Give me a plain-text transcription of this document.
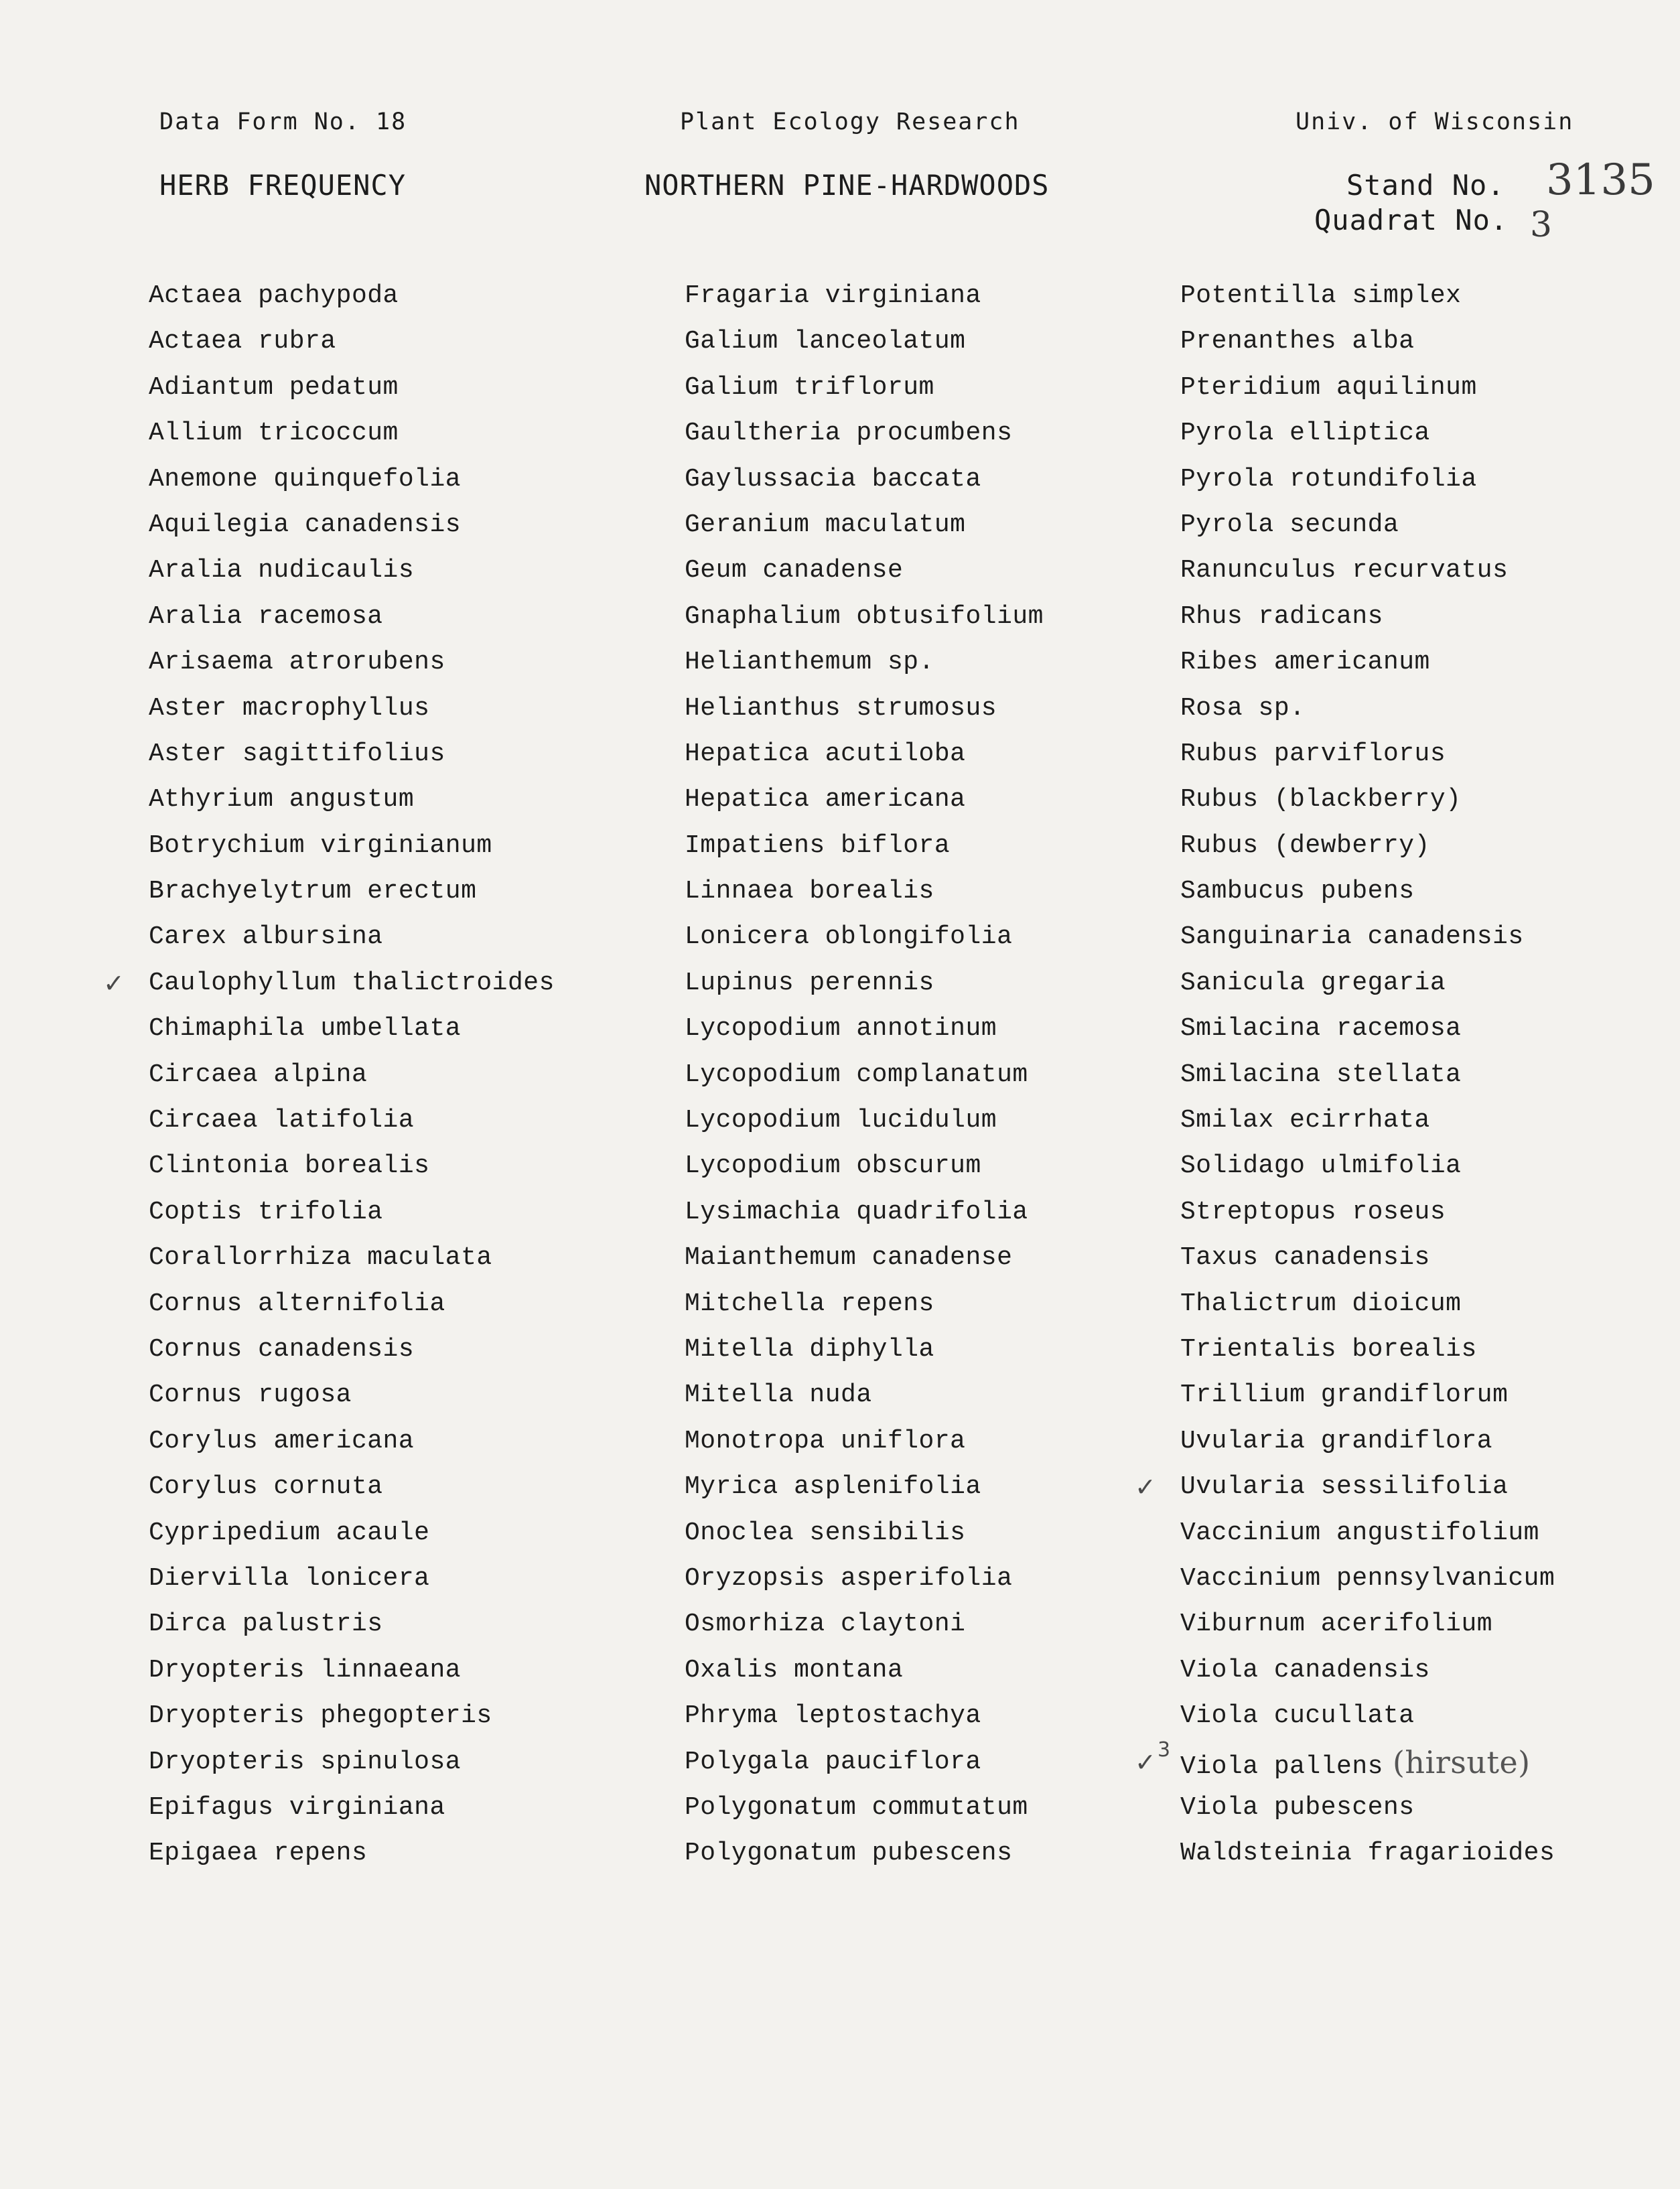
Data Form No. 18	Plant Ecology Research	Univ. of Wisconsin
HERB FREQUENCY	NORTHERN PINE-HARDWOODS	Stand No. 3135
Quadrat No. 3
Actaea pachypoda
Actaea rubra
Adiantum pedatum
Allium tricoccum
Anemone quinquefolia
Aquilegia canadensis
Aralia nudicaulis
Aralia racemosa
Arisaema atrorubens
Aster macrophyllus
Aster sagittifolius
Athyrium angustum
Botrychium virginianum
Brachyelytrum erectum
Carex albursina
✓ Caulophyllum thalictroides
Chimaphila umbellata
Circaea alpina
Circaea latifolia
Clintonia borealis
Coptis trifolia
Corallorrhiza maculata
Cornus alternifolia
Cornus canadensis
Cornus rugosa
Corylus americana
Corylus cornuta
Cypripedium acaule
Diervilla lonicera
Dirca palustris
Dryopteris linnaeana
Dryopteris phegopteris
Dryopteris spinulosa
Epifagus virginiana
Epigaea repens
Fragaria virginiana
Galium lanceolatum
Galium triflorum
Gaultheria procumbens
Gaylussacia baccata
Geranium maculatum
Geum canadense
Gnaphalium obtusifolium
Helianthemum sp.
Helianthus strumosus
Hepatica acutiloba
Hepatica americana
Impatiens biflora
Linnaea borealis
Lonicera oblongifolia
Lupinus perennis
Lycopodium annotinum
Lycopodium complanatum
Lycopodium lucidulum
Lycopodium obscurum
Lysimachia quadrifolia
Maianthemum canadense
Mitchella repens
Mitella diphylla
Mitella nuda
Monotropa uniflora
Myrica asplenifolia
Onoclea sensibilis
Oryzopsis asperifolia
Osmorhiza claytoni
Oxalis montana
Phryma leptostachya
Polygala pauciflora
Polygonatum commutatum
Polygonatum pubescens
Potentilla simplex
Prenanthes alba
Pteridium aquilinum
Pyrola elliptica
Pyrola rotundifolia
Pyrola secunda
Ranunculus recurvatus
Rhus radicans
Ribes americanum
Rosa sp.
Rubus parviflorus
Rubus (blackberry)
Rubus (dewberry)
Sambucus pubens
Sanguinaria canadensis
Sanicula gregaria
Smilacina racemosa
Smilacina stellata
Smilax ecirrhata
Solidago ulmifolia
Streptopus roseus
Taxus canadensis
Thalictrum dioicum
Trientalis borealis
Trillium grandiflorum
Uvularia grandiflora
✓ Uvularia sessilifolia
Vaccinium angustifolium
Vaccinium pennsylvanicum
Viburnum acerifolium
Viola canadensis
Viola cucullata
✓ 3
Viola pallens (hirsute)
Viola pubescens
Waldsteinia fragarioides
